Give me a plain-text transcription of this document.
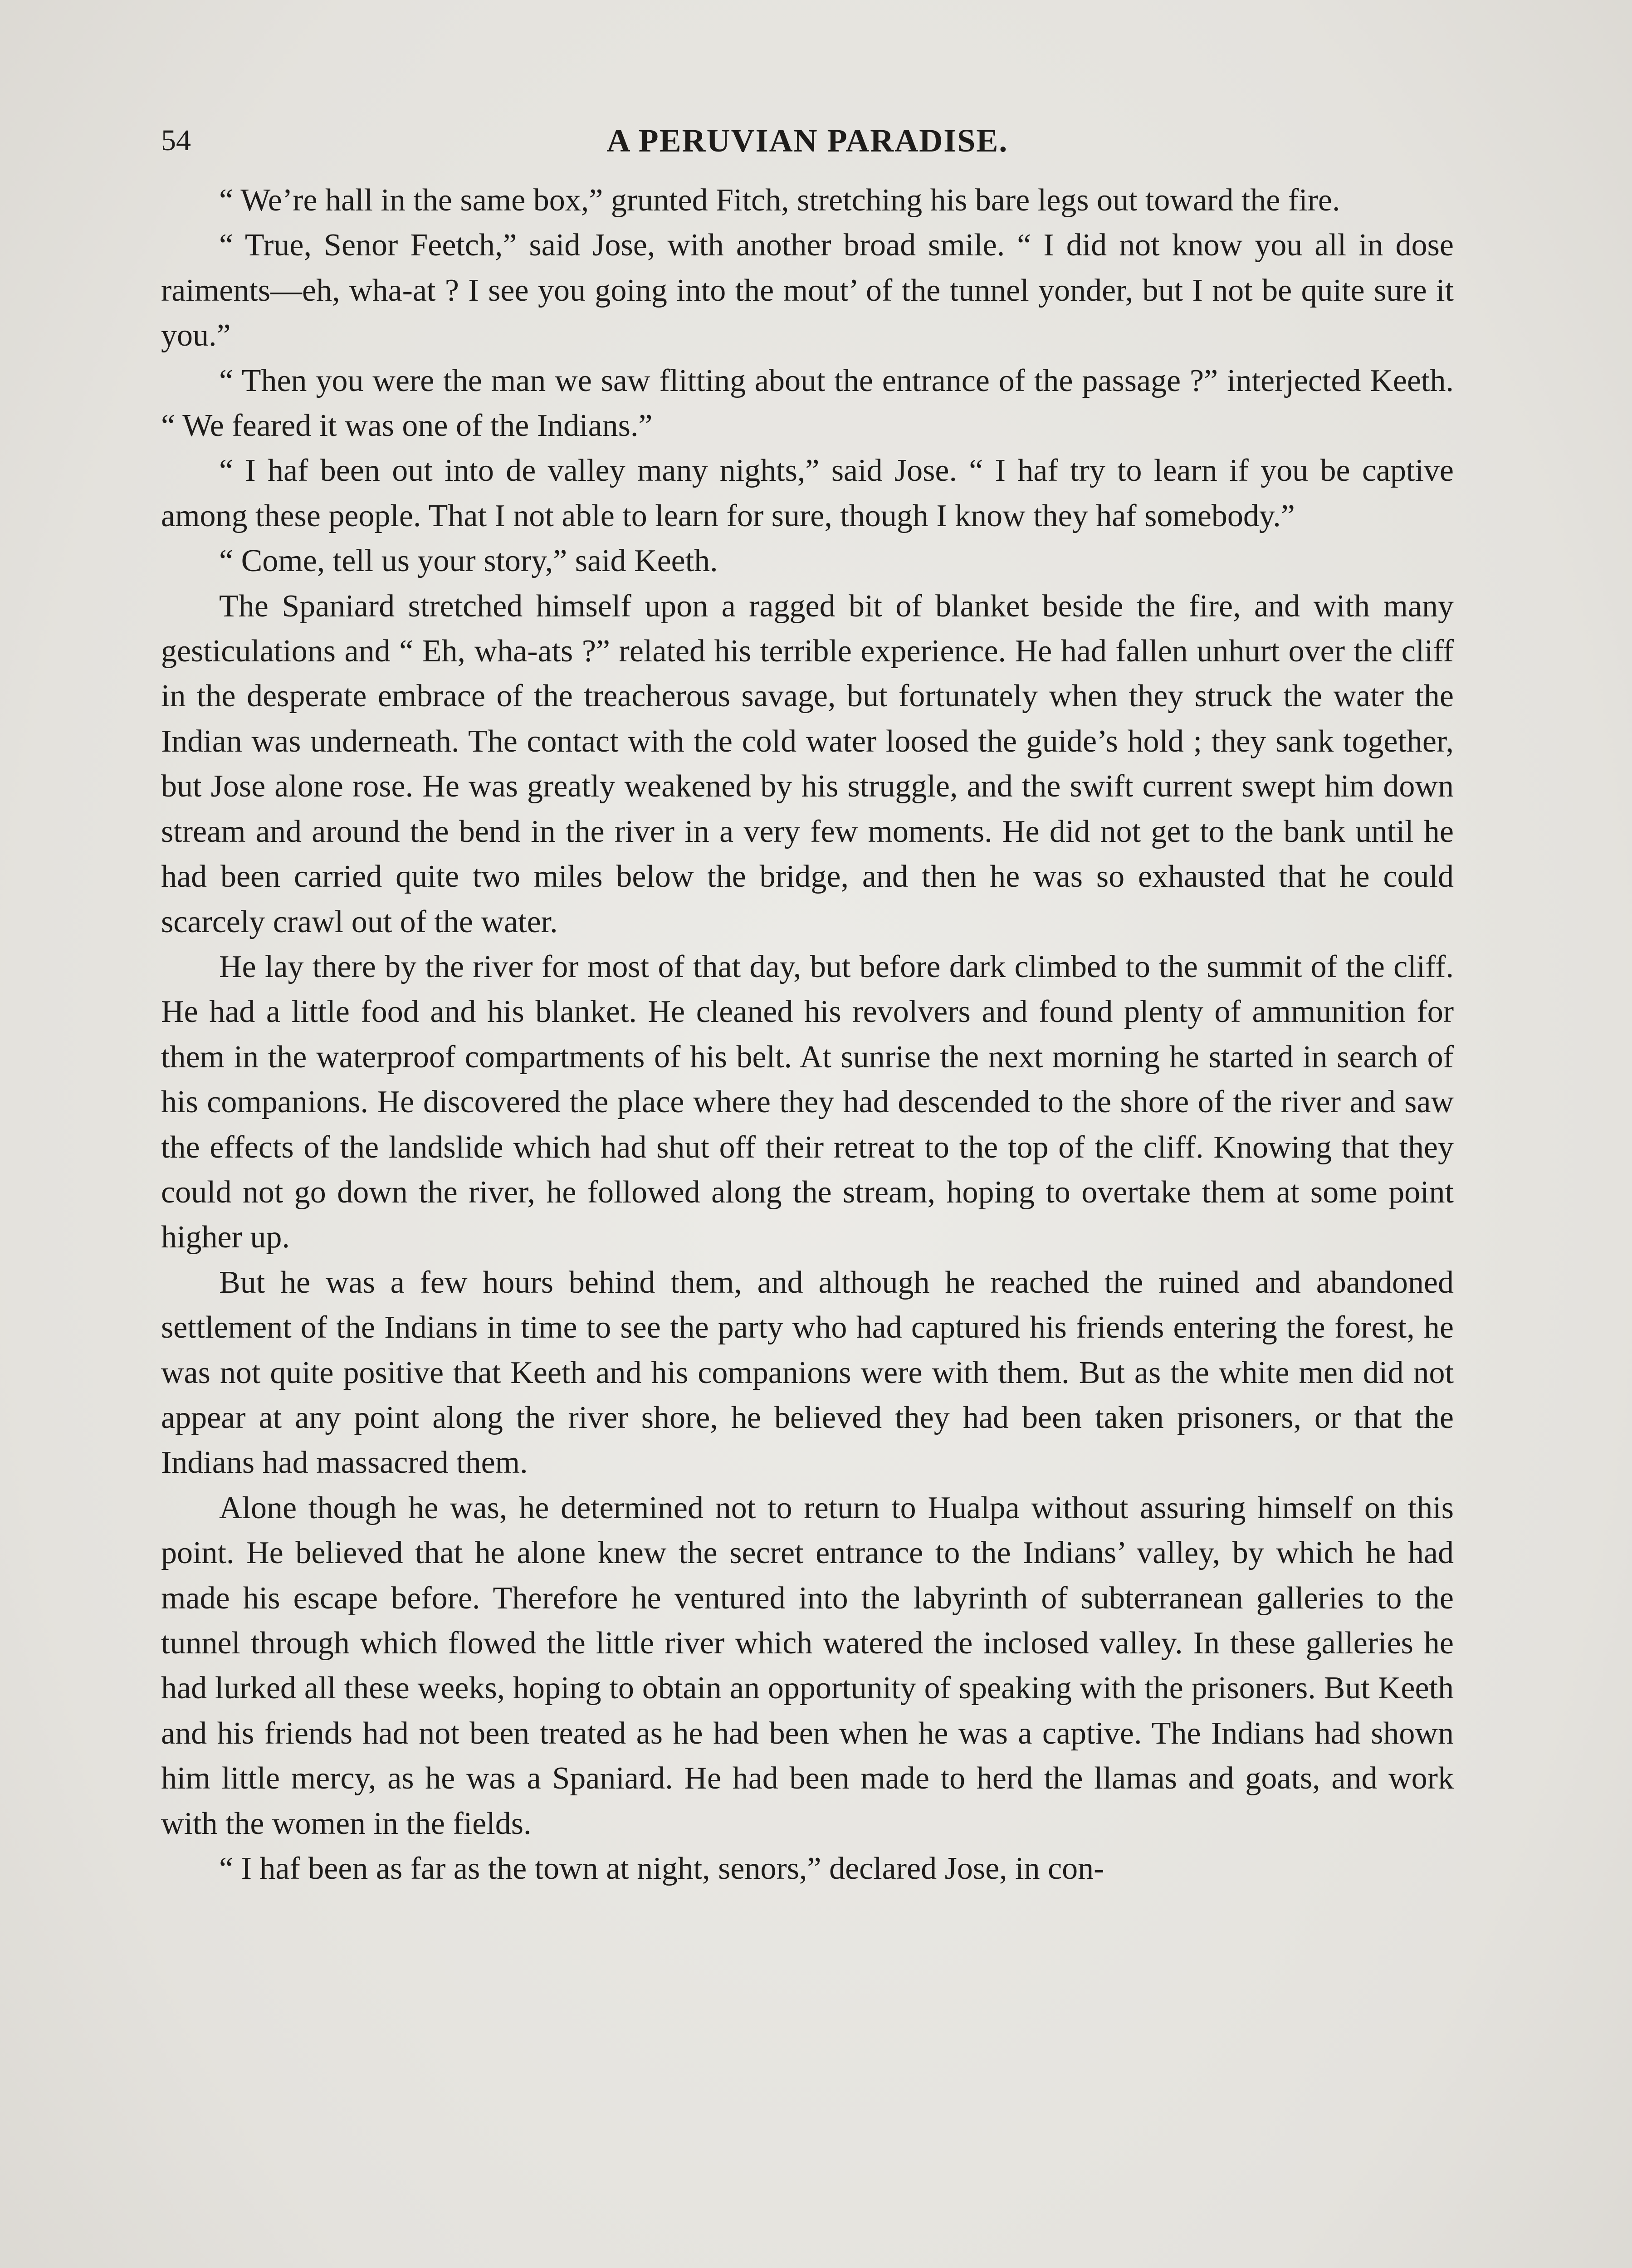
A PERUVIAN PARADISE.
54

“ We’re hall in the same box,” grunted Fitch, stretching his bare legs out toward the fire.

“ True, Senor Feetch,” said Jose, with another broad smile. “ I did not know you all in dose raiments—eh, wha-at ? I see you going into the mout’ of the tunnel yonder, but I not be quite sure it you.”

“ Then you were the man we saw flitting about the entrance of the passage ?” interjected Keeth. “ We feared it was one of the Indians.”

“ I haf been out into de valley many nights,” said Jose. “ I haf try to learn if you be captive among these people. That I not able to learn for sure, though I know they haf somebody.”

“ Come, tell us your story,” said Keeth.

The Spaniard stretched himself upon a ragged bit of blanket beside the fire, and with many gesticulations and “ Eh, wha-ats ?” related his terrible experience. He had fallen unhurt over the cliff in the desperate embrace of the treacherous savage, but fortunately when they struck the water the Indian was underneath. The contact with the cold water loosed the guide’s hold ; they sank together, but Jose alone rose. He was greatly weakened by his struggle, and the swift current swept him down stream and around the bend in the river in a very few moments. He did not get to the bank until he had been carried quite two miles below the bridge, and then he was so exhausted that he could scarcely crawl out of the water.

He lay there by the river for most of that day, but before dark climbed to the summit of the cliff. He had a little food and his blanket. He cleaned his revolvers and found plenty of ammunition for them in the waterproof compartments of his belt. At sunrise the next morning he started in search of his companions. He discovered the place where they had descended to the shore of the river and saw the effects of the landslide which had shut off their retreat to the top of the cliff. Knowing that they could not go down the river, he followed along the stream, hoping to overtake them at some point higher up.

But he was a few hours behind them, and although he reached the ruined and abandoned settlement of the Indians in time to see the party who had captured his friends entering the forest, he was not quite positive that Keeth and his companions were with them. But as the white men did not appear at any point along the river shore, he believed they had been taken prisoners, or that the Indians had massacred them.

Alone though he was, he determined not to return to Hualpa without assuring himself on this point. He believed that he alone knew the secret entrance to the Indians’ valley, by which he had made his escape before. Therefore he ventured into the labyrinth of subterranean galleries to the tunnel through which flowed the little river which watered the inclosed valley. In these galleries he had lurked all these weeks, hoping to obtain an opportunity of speaking with the prisoners. But Keeth and his friends had not been treated as he had been when he was a captive. The Indians had shown him little mercy, as he was a Spaniard. He had been made to herd the llamas and goats, and work with the women in the fields.

“ I haf been as far as the town at night, senors,” declared Jose, in con-
